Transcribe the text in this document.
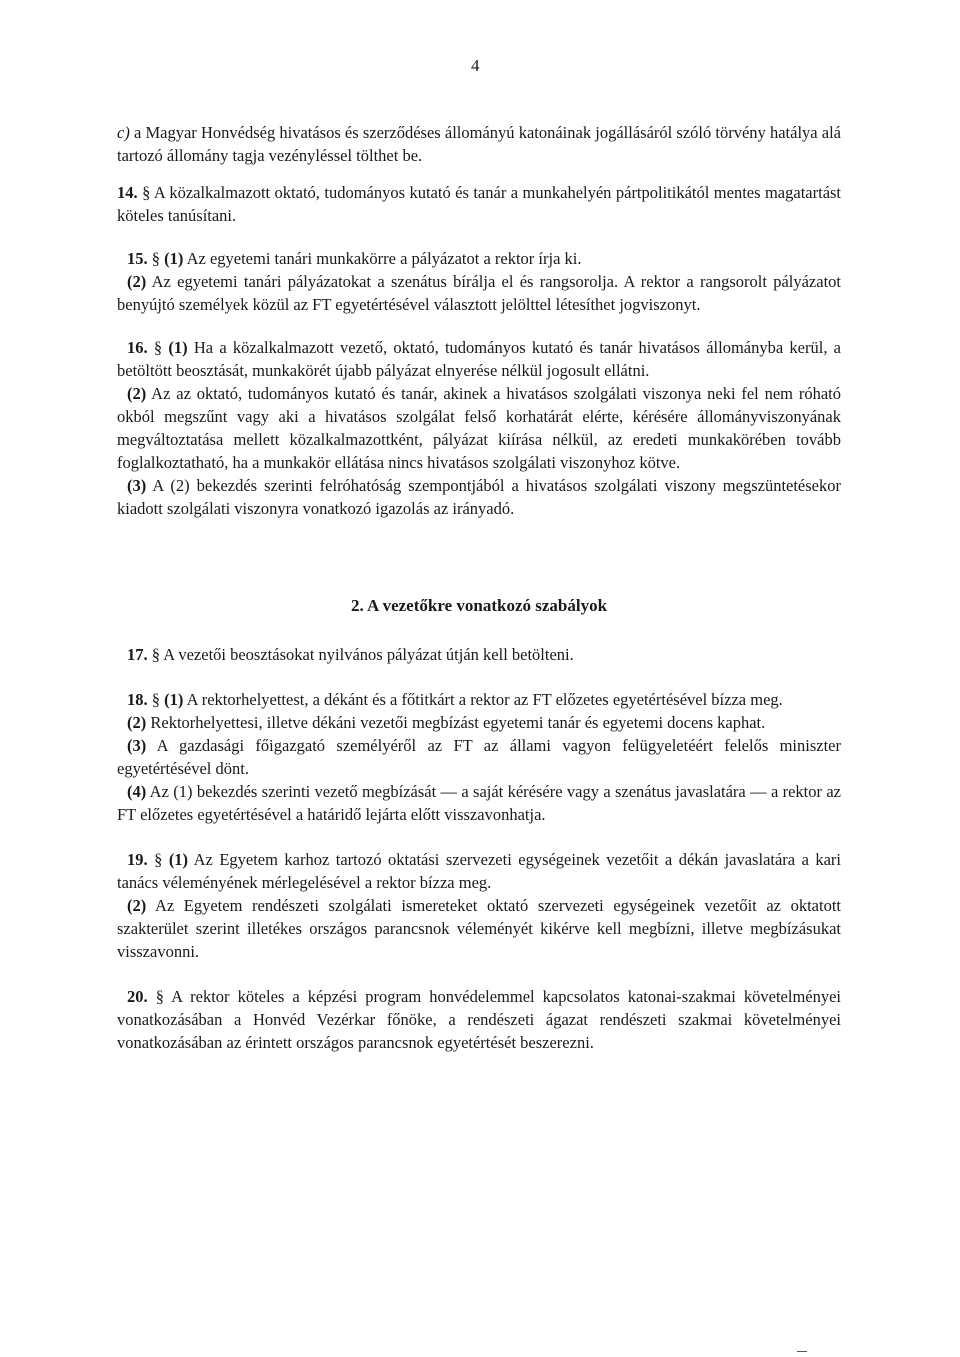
4

c) a Magyar Honvédség hivatásos és szerződéses állományú katonáinak jogállásáról szóló törvény hatálya alá tartozó állomány tagja vezényléssel tölthet be.

14. § A közalkalmazott oktató, tudományos kutató és tanár a munkahelyén pártpolitikától mentes magatartást köteles tanúsítani.

15. § (1) Az egyetemi tanári munkakörre a pályázatot a rektor írja ki.

(2) Az egyetemi tanári pályázatokat a szenátus bírálja el és rangsorolja. A rektor a rangsorolt pályázatot benyújtó személyek közül az FT egyetértésével választott jelölttel létesíthet jogviszonyt.

16. § (1) Ha a közalkalmazott vezető, oktató, tudományos kutató és tanár hivatásos állományba kerül, a betöltött beosztását, munkakörét újabb pályázat elnyerése nélkül jogosult ellátni.

(2) Az az oktató, tudományos kutató és tanár, akinek a hivatásos szolgálati viszonya neki fel nem róható okból megszűnt vagy aki a hivatásos szolgálat felső korhatárát elérte, kérésére állományviszonyának megváltoztatása mellett közalkalmazottként, pályázat kiírása nélkül, az eredeti munkakörében tovább foglalkoztatható, ha a munkakör ellátása nincs hivatásos szolgálati viszonyhoz kötve.

(3) A (2) bekezdés szerinti felróhatóság szempontjából a hivatásos szolgálati viszony megszüntetésekor kiadott szolgálati viszonyra vonatkozó igazolás az irányadó.

2. A vezetőkre vonatkozó szabályok

17. § A vezetői beosztásokat nyilvános pályázat útján kell betölteni.

18. § (1) A rektorhelyettest, a dékánt és a főtitkárt a rektor az FT előzetes egyetértésével bízza meg.

(2) Rektorhelyettesi, illetve dékáni vezetői megbízást egyetemi tanár és egyetemi docens kaphat.

(3) A gazdasági főigazgató személyéről az FT az állami vagyon felügyeletéért felelős miniszter egyetértésével dönt.

(4) Az (1) bekezdés szerinti vezető megbízását — a saját kérésére vagy a szenátus javaslatára — a rektor az FT előzetes egyetértésével a határidő lejárta előtt visszavonhatja.

19. § (1) Az Egyetem karhoz tartozó oktatási szervezeti egységeinek vezetőit a dékán javaslatára a kari tanács véleményének mérlegelésével a rektor bízza meg.

(2) Az Egyetem rendészeti szolgálati ismereteket oktató szervezeti egységeinek vezetőit az oktatott szakterület szerint illetékes országos parancsnok véleményét kikérve kell megbízni, illetve megbízásukat visszavonni.

20. § A rektor köteles a képzési program honvédelemmel kapcsolatos katonai-szakmai követelményei vonatkozásában a Honvéd Vezérkar főnöke, a rendészeti ágazat rendészeti szakmai követelményei vonatkozásában az érintett országos parancsnok egyetértését beszerezni.
